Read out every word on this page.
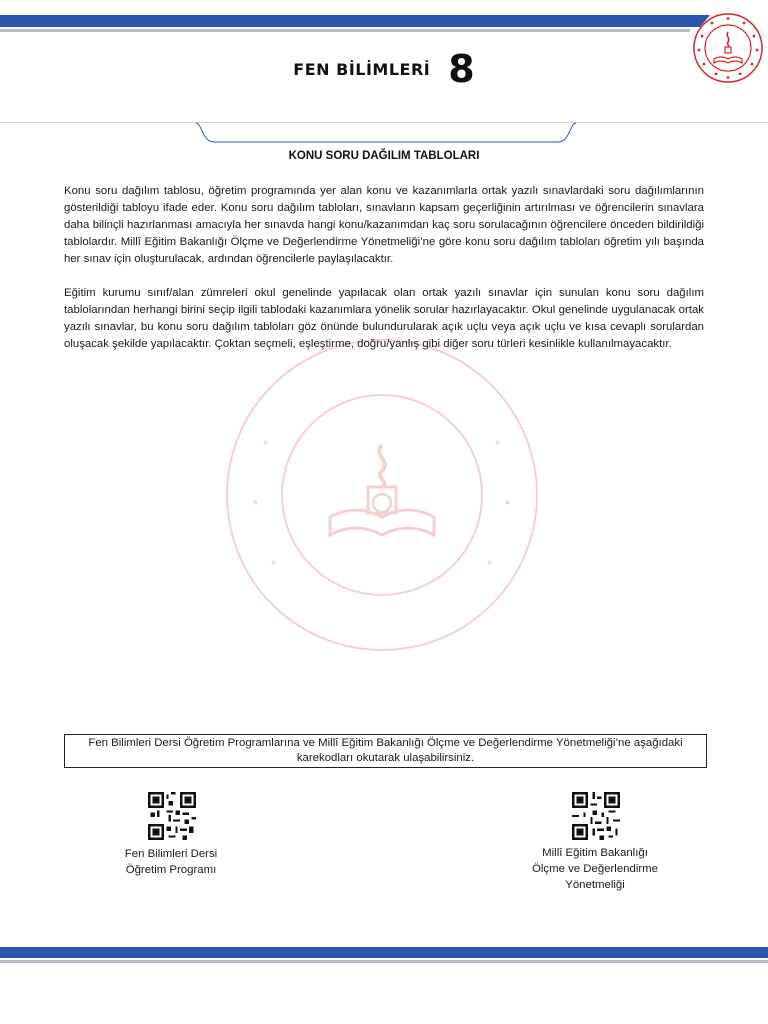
FEN BİLİMLERİ 8
KONU SORU DAĞILIM TABLOLARI
★	★
★	★
★	★

Konu soru dağılım tablosu, öğretim programında yer alan konu ve kazanımlarla ortak yazılı sınavlardaki soru dağılımlarının gösterildiği tabloyu ifade eder. Konu soru dağılım tabloları, sınavların kapsam geçerliğinin artırılması ve öğrencilerin sınavlara daha bilinçli hazırlanması amacıyla her sınavda hangi konu/kazanımdan kaç soru sorulacağının öğrencilere önceden bildirildiği tablolardır. Millî Eğitim Bakanlığı Ölçme ve Değerlendirme Yönetmeliği’ne göre konu soru dağılım tabloları öğretim yılı başında her sınav için oluşturulacak, ardından öğrencilerle paylaşılacaktır.

Eğitim kurumu sınıf/alan zümreleri okul genelinde yapılacak olan ortak yazılı sınavlar için sunulan konu soru dağılım tablolarından herhangi birini seçip ilgili tablodaki kazanımlara yönelik sorular hazırlayacaktır. Okul genelinde uygulanacak ortak yazılı sınavlar, bu konu soru dağılım tabloları göz önünde bulundurularak açık uçlu veya açık uçlu ve kısa cevaplı sorulardan oluşacak şekilde yapılacaktır. Çoktan seçmeli, eşleştirme, doğru/yanlış gibi diğer soru türleri kesinlikle kullanılmayacaktır.

Fen Bilimleri Dersi Öğretim Programlarına ve Millî Eğitim Bakanlığı Ölçme ve Değerlendirme Yönetmeliği’ne aşağıdaki karekodları okutarak ulaşabilirsiniz.
Fen Bilimleri Dersi
Öğretim Programı
Millî Eğitim Bakanlığı
Ölçme ve Değerlendirme
Yönetmeliği
